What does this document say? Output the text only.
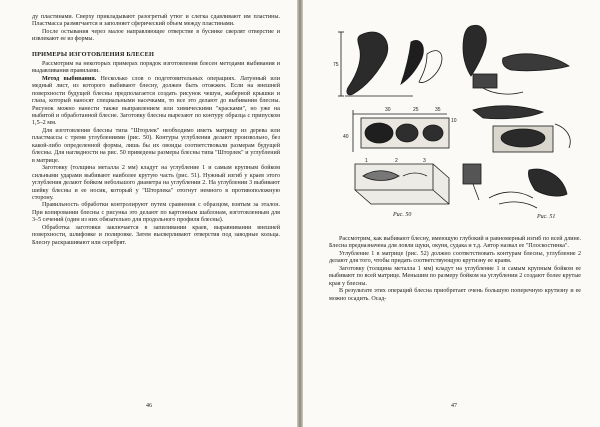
ду пластинами. Сверху прикладывают разогретый утюг и слегка сдавливают им пластины. Пластмасса размягчается и заполняет сферический объем между пластинами.

После остывания через малое направляющее отверстие в бусинке сверлят отверстие и извлекают ее из формы.

ПРИМЕРЫ ИЗГОТОВЛЕНИЯ БЛЕСЕН

Рассмотрим на некоторых примерах порядок изготовления блесен методами выбивания и выдавливания правилами.

Метод выбивания. Несколько слов о подготовительных операциях. Латунный или медный лист, из которого выбивают блесну, должен быть отожжен. Если на внешней поверхности будущей блесны предполагается создать рисунок чешуи, жаберной крышки и глаза, который наносят специальными насечками, то все это делают до выбивания блесны. Рисунок можно нанести также выправлением или химическими "красками", но уже на выбитой и обработанной блесне. Заготовку блесны вырезают по контуру образца с припуском 1,5–2 мм.

Для изготовления блесны типа "Шторлек" необходимо иметь матрицу из дерева или пластмассы с тремя углублениями (рис. 50). Контуры углубления делают произвольно, без какой-либо определенной формы, лишь бы их овоиды соответствовали размерам будущей блесны. Для наглядности на рис. 50 приведены размеры блесны типа "Шторлек" и углублений в матрице.

Заготовку (толщина металла 2 мм) кладут на углубление 1 и самым крупным бойком сильными ударами выбивают наиболее крутую часть (рис. 51). Нужный изгиб у краев этого углубления делают бойком небольшого диаметра на углублении 2. На углублении 3 выбивают шейку блесны и ее носик, который у "Шторлека" отогнут немного в противоположную сторону.

Правильность обработки контролируют путем сравнения с образцом, взятым за эталон. При копировании блесны с рисунка это делают по картонным шаблонам, изготовленным для 3–5 сечений (один из них обязательно для продольного профиля блесны).

Обработка заготовки заключается в запиливании краев, выравнивании внешней поверхности, шлифовке и полировке. Затем высверливают отверстия под заводные кольца. Блесну раскрашивают или серебрят.

46
75
30	25	35
40
10
1	2	3
Рис. 50	Рис. 51

Рассмотрим, как выбивают блесну, имеющую глубокий и равномерный изгиб по всей длине. Блесна предназначена для ловли щуки, окуня, судака и т.д. Автор назвал ее "Плоскостинка".

Углубление 1 в матрице (рис. 52) должно соответствовать контурам блесны, углубление 2 делают для того, чтобы придать соответствующую крутизну ее краям.

Заготовку (толщина металла 1 мм) кладут на углубление 1 и самым крупным бойком ее выбивают по всей матрице. Меньшим по размеру бойком на углублении 2 создают более крутые края у блесны.

В результате этих операций блесна приобретает очень большую поперечную крутизну и ее можно осадить. Осад-

47
